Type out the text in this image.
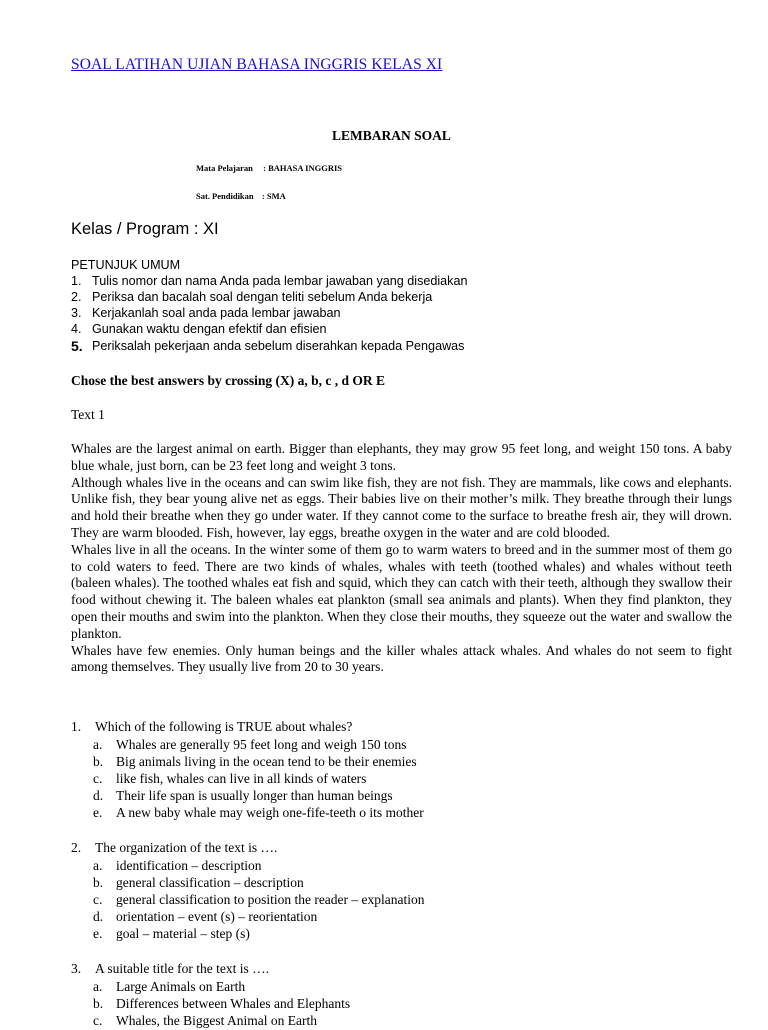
SOAL LATIHAN UJIAN BAHASA INGGRIS KELAS XI
LEMBARAN SOAL
Mata Pelajaran : BAHASA INGGRIS
Sat. Pendidikan : SMA
Kelas / Program : XI
PETUNJUK UMUM
1. Tulis nomor dan nama Anda pada lembar jawaban yang disediakan
2. Periksa dan bacalah soal dengan teliti sebelum Anda bekerja
3. Kerjakanlah soal anda pada lembar jawaban
4. Gunakan waktu dengan efektif dan efisien
5. Periksalah pekerjaan anda sebelum diserahkan kepada Pengawas
Chose the best answers by crossing (X) a, b, c , d OR E
Text 1

Whales are the largest animal on earth. Bigger than elephants, they may grow 95 feet long, and weight 150 tons. A baby blue whale, just born, can be 23 feet long and weight 3 tons.

Although whales live in the oceans and can swim like fish, they are not fish. They are mammals, like cows and elephants. Unlike fish, they bear young alive net as eggs. Their babies live on their mother’s milk. They breathe through their lungs and hold their breathe when they go under water. If they cannot come to the surface to breathe fresh air, they will drown. They are warm blooded. Fish, however, lay eggs, breathe oxygen in the water and are cold blooded.

Whales live in all the oceans. In the winter some of them go to warm waters to breed and in the summer most of them go to cold waters to feed. There are two kinds of whales, whales with teeth (toothed whales) and whales without teeth (baleen whales). The toothed whales eat fish and squid, which they can catch with their teeth, although they swallow their food without chewing it. The baleen whales eat plankton (small sea animals and plants). When they find plankton, they open their mouths and swim into the plankton. When they close their mouths, they squeeze out the water and swallow the plankton.

Whales have few enemies. Only human beings and the killer whales attack whales. And whales do not seem to fight among themselves. They usually live from 20 to 30 years.

1.	Which of the following is TRUE about whales?
a.	Whales are generally 95 feet long and weigh 150 tons
b. Big animals living in the ocean tend to be their enemies
c.	like fish, whales can live in all kinds of waters
d. Their life span is usually longer than human beings
e.	A new baby whale may weigh one-fife-teeth o its mother
2.	The organization of the text is ….
a.	identification – description
b. general classification – description
c.	general classification to position the reader – explanation
d. orientation – event (s) – reorientation
e.	goal – material – step (s)
3.	A suitable title for the text is ….
a.	Large Animals on Earth
b. Differences between Whales and Elephants
c.	Whales, the Biggest Animal on Earth
